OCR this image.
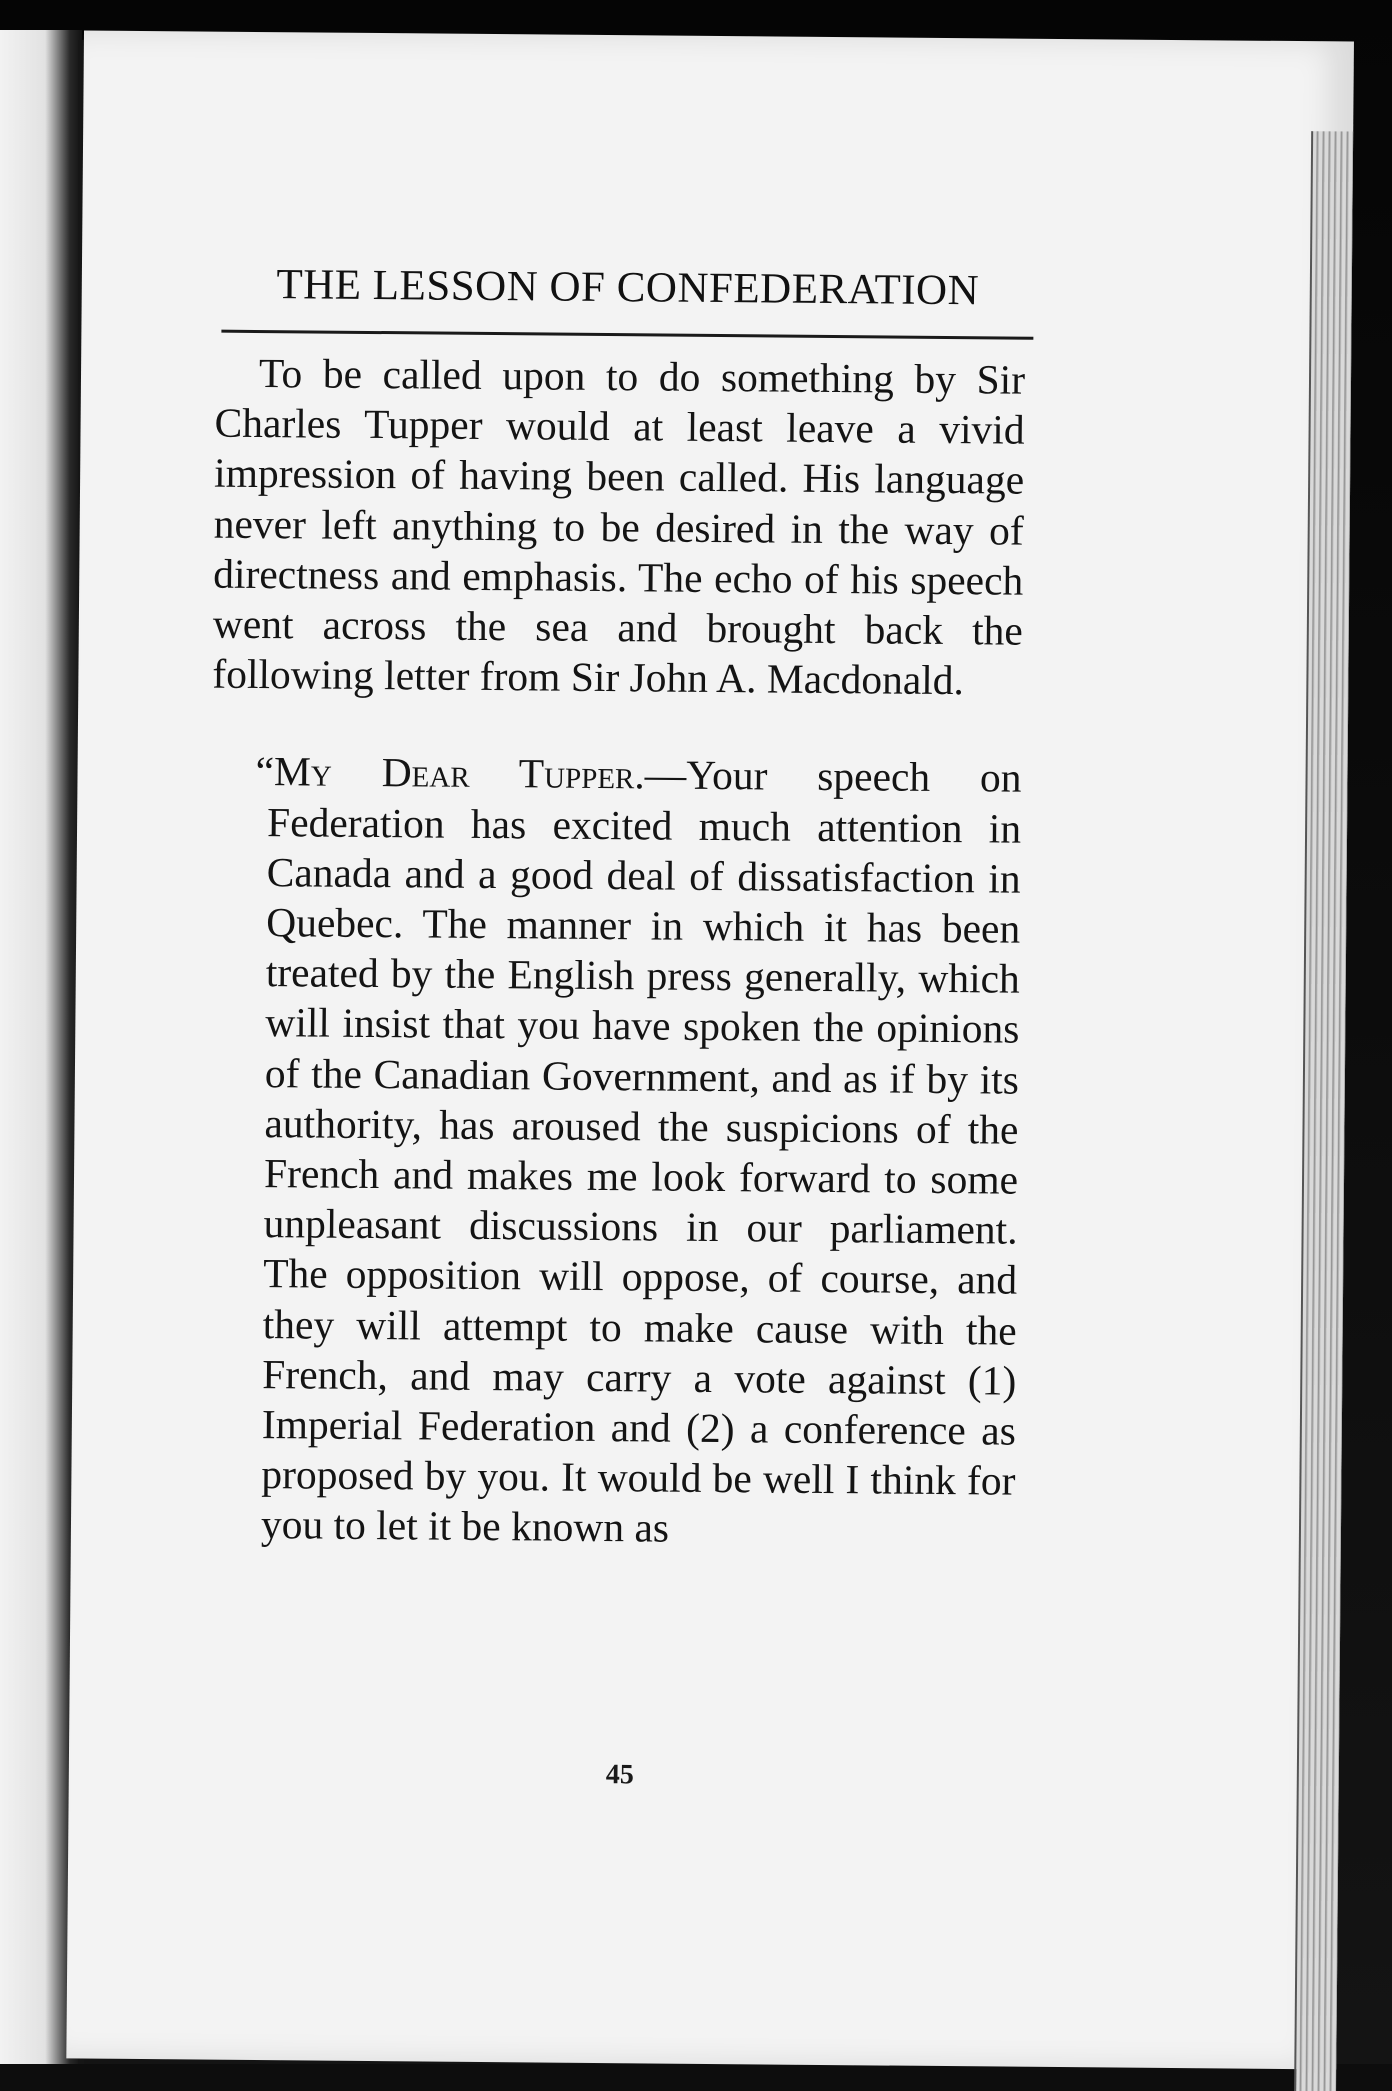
THE LESSON OF CONFEDERATION

To be called upon to do something by Sir Charles Tupper would at least leave a vivid impression of having been called. His language never left anything to be desired in the way of directness and emphasis. The echo of his speech went across the sea and brought back the following letter from Sir John A. Macdonald.

“My Dear Tupper.—Your speech on Federation has excited much attention in Canada and a good deal of dissatisfaction in Quebec. The manner in which it has been treated by the English press generally, which will insist that you have spoken the opinions of the Canadian Government, and as if by its authority, has aroused the suspicions of the French and makes me look forward to some unpleasant discussions in our parliament. The opposition will oppose, of course, and they will attempt to make cause with the French, and may carry a vote against (1) Imperial Federation and (2) a conference as proposed by you. It would be well I think for you to let it be known as

45
